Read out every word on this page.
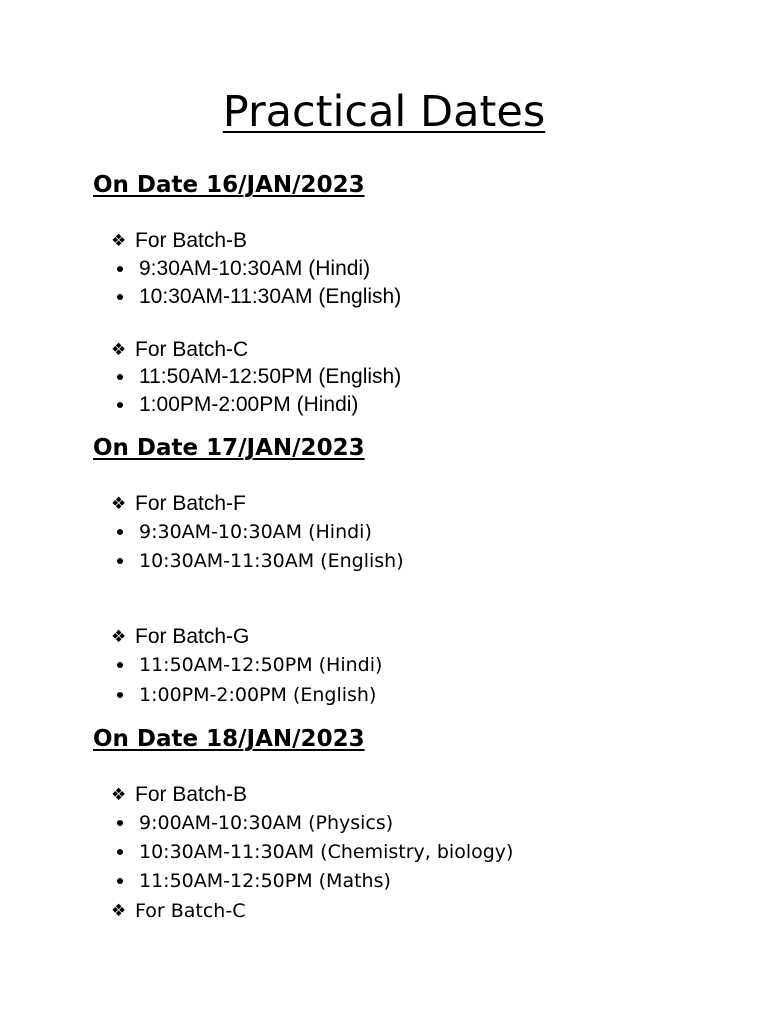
Practical Dates
On Date 16/JAN/2023
❖ For Batch-B
9:30AM-10:30AM (Hindi)
10:30AM-11:30AM (English)
❖ For Batch-C
11:50AM-12:50PM (English)
1:00PM-2:00PM (Hindi)
On Date 17/JAN/2023
❖ For Batch-F
9:30AM-10:30AM (Hindi)
10:30AM-11:30AM (English)
❖ For Batch-G
11:50AM-12:50PM (Hindi)
1:00PM-2:00PM (English)
On Date 18/JAN/2023
❖ For Batch-B
9:00AM-10:30AM (Physics)
10:30AM-11:30AM (Chemistry, biology)
11:50AM-12:50PM (Maths)
❖ For Batch-C
